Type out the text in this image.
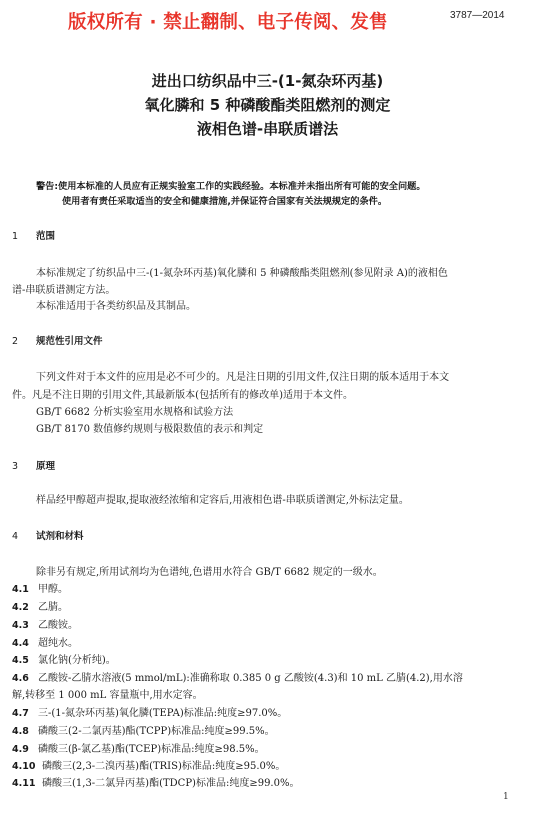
版权所有 · 禁止翻制、电子传阅、发售	3787—2014
进出口纺织品中三-(1-氮杂环丙基)
氧化膦和 5 种磷酸酯类阻燃剂的测定
液相色谱-串联质谱法
警告:使用本标准的人员应有正规实验室工作的实践经验。本标准并未指出所有可能的安全问题。
使用者有责任采取适当的安全和健康措施,并保证符合国家有关法规规定的条件。
1 范围
本标准规定了纺织品中三-(1-氮杂环丙基)氧化膦和 5 种磷酸酯类阻燃剂(参见附录 A)的液相色
谱-串联质谱测定方法。
本标准适用于各类纺织品及其制品。
2 规范性引用文件
下列文件对于本文件的应用是必不可少的。凡是注日期的引用文件,仅注日期的版本适用于本文
件。凡是不注日期的引用文件,其最新版本(包括所有的修改单)适用于本文件。
GB/T 6682 分析实验室用水规格和试验方法
GB/T 8170 数值修约规则与极限数值的表示和判定
3 原理
样品经甲醇超声提取,提取液经浓缩和定容后,用液相色谱-串联质谱测定,外标法定量。
4 试剂和材料
除非另有规定,所用试剂均为色谱纯,色谱用水符合 GB/T 6682 规定的一级水。
4.1 甲醇。
4.2 乙腈。
4.3 乙酸铵。
4.4 超纯水。
4.5 氯化钠(分析纯)。
4.6 乙酸铵-乙腈水溶液(5 mmol/mL):准确称取 0.385 0 g 乙酸铵(4.3)和 10 mL 乙腈(4.2),用水溶
解,转移至 1 000 mL 容量瓶中,用水定容。
4.7 三-(1-氮杂环丙基)氧化膦(TEPA)标准品:纯度≥97.0%。
4.8 磷酸三(2-二氯丙基)酯(TCPP)标准品:纯度≥99.5%。
4.9 磷酸三(β-氯乙基)酯(TCEP)标准品:纯度≥98.5%。
4.10 磷酸三(2,3-二溴丙基)酯(TRIS)标准品:纯度≥95.0%。
4.11 磷酸三(1,3-二氯异丙基)酯(TDCP)标准品:纯度≥99.0%。
1
